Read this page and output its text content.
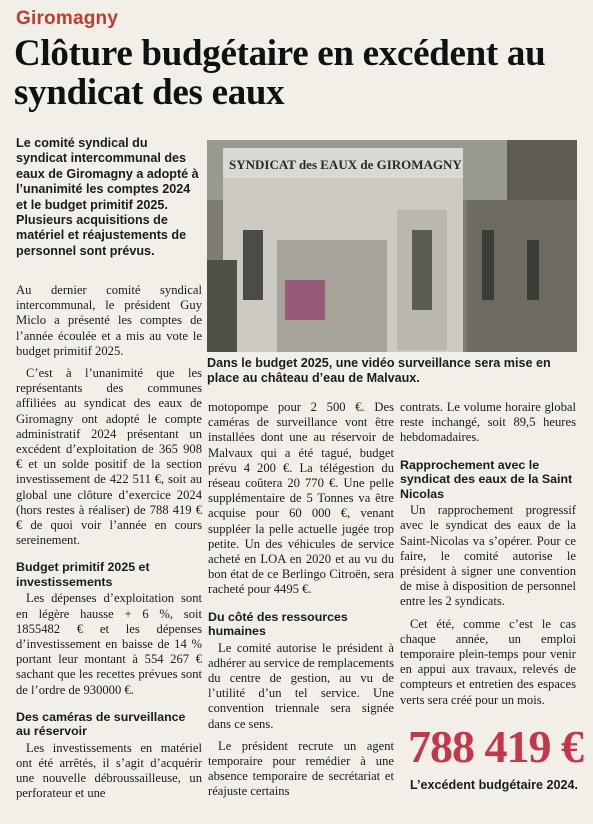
Giromagny
Clôture budgétaire en excédent au syndicat des eaux
Le comité syndical du syndicat intercommunal des eaux de Giromagny a adopté à l’unanimité les comptes 2024 et le budget primitif 2025. Plusieurs acquisitions de matériel et réajustements de personnel sont prévus.
SYNDICAT des EAUX de GIROMAGNY
Dans le budget 2025, une vidéo surveillance sera mise en place au château d’eau de Malvaux.

Au dernier comité syndical intercommunal, le président Guy Miclo a présenté les comptes de l’année écoulée et a mis au vote le budget primitif 2025.

C’est à l’unanimité que les représentants des communes affiliées au syndicat des eaux de Giromagny ont adopté le compte administratif 2024 présentant un excédent d’exploitation de 365 908 € et un solde positif de la section investissement de 422 511 €, soit au global une clôture d’exercice 2024 (hors restes à réaliser) de 788 419 € € de quoi voir l’année en cours sereinement.

Budget primitif 2025 et investissements

Les dépenses d’exploitation sont en légère hausse + 6 %, soit 1855482 € et les dépenses d’investissement en baisse de 14 % portant leur montant à 554 267 € sachant que les recettes prévues sont de l’ordre de 930000 €.

Des caméras de surveillance au réservoir

Les investissements en matériel ont été arrêtés, il s’agit d’acquérir une nouvelle débroussailleuse, un perforateur et une

motopompe pour 2 500 €. Des caméras de surveillance vont être installées dont une au réservoir de Malvaux qui a été tagué, budget prévu 4 200 €. La télégestion du réseau coûtera 20 770 €. Une pelle supplémentaire de 5 Tonnes va être acquise pour 60 000 €, venant suppléer la pelle actuelle jugée trop petite. Un des véhicules de service acheté en LOA en 2020 et au vu du bon état de ce Berlingo Citroën, sera racheté pour 4495 €.

Du côté des ressources humaines

Le comité autorise le président à adhérer au service de remplacements du centre de gestion, au vu de l’utilité d’un tel service. Une convention triennale sera signée dans ce sens.

Le président recrute un agent temporaire pour remédier à une absence temporaire de secrétariat et réajuste certains

contrats. Le volume horaire global reste inchangé, soit 89,5 heures hebdomadaires.

Rapprochement avec le syndicat des eaux de la Saint Nicolas

Un rapprochement progressif avec le syndicat des eaux de la Saint-Nicolas va s’opérer. Pour ce faire, le comité autorise le président à signer une convention de mise à disposition de personnel entre les 2 syndicats.

Cet été, comme c’est le cas chaque année, un emploi temporaire plein-temps pour venir en appui aux travaux, relevés de compteurs et entretien des espaces verts sera créé pour un mois.

788 419 €
L’excédent budgétaire 2024.
